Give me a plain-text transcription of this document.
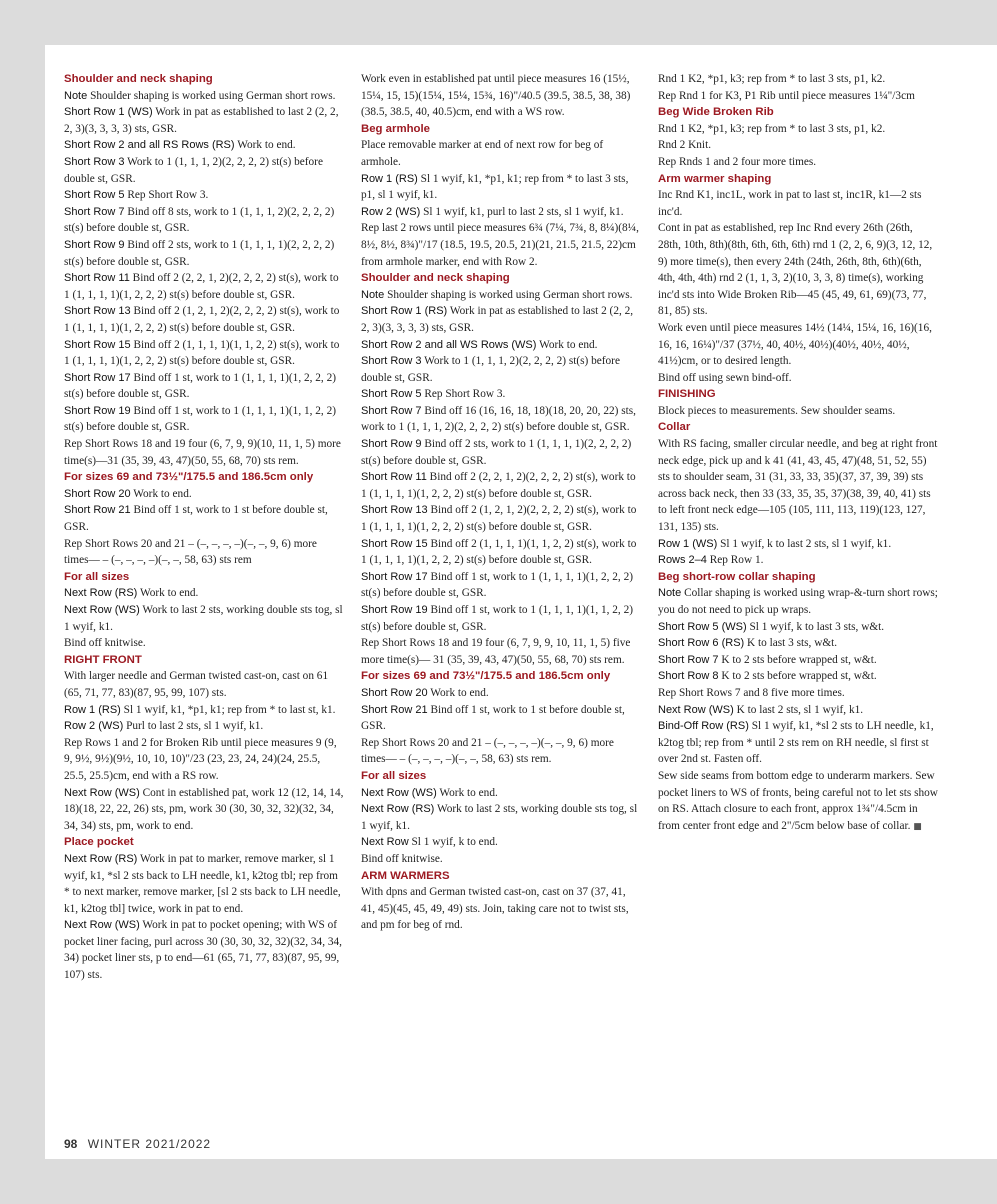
Shoulder and neck shaping
Note Shoulder shaping is worked using German short rows.
Short Row 1 (WS) Work in pat as established to last 2 (2, 2, 2, 3)(3, 3, 3, 3) sts, GSR.
Short Row 2 and all RS Rows (RS) Work to end.
Short Row 3 Work to 1 (1, 1, 1, 2)(2, 2, 2, 2) st(s) before double st, GSR.
Short Row 5 Rep Short Row 3.
Short Row 7 Bind off 8 sts, work to 1 (1, 1, 1, 2)(2, 2, 2, 2) st(s) before double st, GSR.
Short Row 9 Bind off 2 sts, work to 1 (1, 1, 1, 1)(2, 2, 2, 2) st(s) before double st, GSR.
Short Row 11 Bind off 2 (2, 2, 1, 2)(2, 2, 2, 2) st(s), work to 1 (1, 1, 1, 1)(1, 2, 2, 2) st(s) before double st, GSR.
Short Row 13 Bind off 2 (1, 2, 1, 2)(2, 2, 2, 2) st(s), work to 1 (1, 1, 1, 1)(1, 2, 2, 2) st(s) before double st, GSR.
Short Row 15 Bind off 2 (1, 1, 1, 1)(1, 1, 2, 2) st(s), work to 1 (1, 1, 1, 1)(1, 2, 2, 2) st(s) before double st, GSR.
Short Row 17 Bind off 1 st, work to 1 (1, 1, 1, 1)(1, 2, 2, 2) st(s) before double st, GSR.
Short Row 19 Bind off 1 st, work to 1 (1, 1, 1, 1)(1, 1, 2, 2) st(s) before double st, GSR.
Rep Short Rows 18 and 19 four (6, 7, 9, 9)(10, 11, 1, 5) more time(s)—31 (35, 39, 43, 47)(50, 55, 68, 70) sts rem.
For sizes 69 and 73½"/175.5 and 186.5cm only
Short Row 20 Work to end.
Short Row 21 Bind off 1 st, work to 1 st before double st, GSR.
Rep Short Rows 20 and 21 – (–, –, –, –)(–, –, 9, 6) more times— – (–, –, –, –)(–, –, 58, 63) sts rem
For all sizes
Next Row (RS) Work to end.
Next Row (WS) Work to last 2 sts, working double sts tog, sl 1 wyif, k1.
Bind off knitwise.
RIGHT FRONT
With larger needle and German twisted cast-on, cast on 61 (65, 71, 77, 83)(87, 95, 99, 107) sts.
Row 1 (RS) Sl 1 wyif, k1, *p1, k1; rep from * to last st, k1.
Row 2 (WS) Purl to last 2 sts, sl 1 wyif, k1.
Rep Rows 1 and 2 for Broken Rib until piece measures 9 (9, 9, 9½, 9½)(9½, 10, 10, 10)"/23 (23, 23, 24, 24)(24, 25.5, 25.5, 25.5)cm, end with a RS row.
Next Row (WS) Cont in established pat, work 12 (12, 14, 14, 18)(18, 22, 22, 26) sts, pm, work 30 (30, 30, 32, 32)(32, 34, 34, 34) sts, pm, work to end.
Place pocket
Next Row (RS) Work in pat to marker, remove marker, sl 1 wyif, k1, *sl 2 sts back to LH needle, k1, k2tog tbl; rep from * to next marker, remove marker, [sl 2 sts back to LH needle, k1, k2tog tbl] twice, work in pat to end.
Next Row (WS) Work in pat to pocket opening; with WS of pocket liner facing, purl across 30 (30, 30, 32, 32)(32, 34, 34, 34) pocket liner sts, p to end—61 (65, 71, 77, 83)(87, 95, 99, 107) sts.
Work even in established pat until piece measures 16 (15½, 15¼, 15, 15)(15¼, 15¼, 15¾, 16)"/40.5 (39.5, 38.5, 38, 38)(38.5, 38.5, 40, 40.5)cm, end with a WS row.
Beg armhole
Place removable marker at end of next row for beg of armhole.
Row 1 (RS) Sl 1 wyif, k1, *p1, k1; rep from * to last 3 sts, p1, sl 1 wyif, k1.
Row 2 (WS) Sl 1 wyif, k1, purl to last 2 sts, sl 1 wyif, k1.
Rep last 2 rows until piece measures 6¾ (7¼, 7¾, 8, 8¼)(8¼, 8½, 8½, 8¾)"/17 (18.5, 19.5, 20.5, 21)(21, 21.5, 21.5, 22)cm from armhole marker, end with Row 2.
Shoulder and neck shaping
Note Shoulder shaping is worked using German short rows.
Short Row 1 (RS) Work in pat as established to last 2 (2, 2, 2, 3)(3, 3, 3, 3) sts, GSR.
Short Row 2 and all WS Rows (WS) Work to end.
Short Row 3 Work to 1 (1, 1, 1, 2)(2, 2, 2, 2) st(s) before double st, GSR.
Short Row 5 Rep Short Row 3.
Short Row 7 Bind off 16 (16, 16, 18, 18)(18, 20, 20, 22) sts, work to 1 (1, 1, 1, 2)(2, 2, 2, 2) st(s) before double st, GSR.
Short Row 9 Bind off 2 sts, work to 1 (1, 1, 1, 1)(2, 2, 2, 2) st(s) before double st, GSR.
Short Row 11 Bind off 2 (2, 2, 1, 2)(2, 2, 2, 2) st(s), work to 1 (1, 1, 1, 1)(1, 2, 2, 2) st(s) before double st, GSR.
Short Row 13 Bind off 2 (1, 2, 1, 2)(2, 2, 2, 2) st(s), work to 1 (1, 1, 1, 1)(1, 2, 2, 2) st(s) before double st, GSR.
Short Row 15 Bind off 2 (1, 1, 1, 1)(1, 1, 2, 2) st(s), work to 1 (1, 1, 1, 1)(1, 2, 2, 2) st(s) before double st, GSR.
Short Row 17 Bind off 1 st, work to 1 (1, 1, 1, 1)(1, 2, 2, 2) st(s) before double st, GSR.
Short Row 19 Bind off 1 st, work to 1 (1, 1, 1, 1)(1, 1, 2, 2) st(s) before double st, GSR.
Rep Short Rows 18 and 19 four (6, 7, 9, 9, 10, 11, 1, 5) five more time(s)— 31 (35, 39, 43, 47)(50, 55, 68, 70) sts rem.
For sizes 69 and 73½"/175.5 and 186.5cm only
Short Row 20 Work to end.
Short Row 21 Bind off 1 st, work to 1 st before double st, GSR.
Rep Short Rows 20 and 21 – (–, –, –, –)(–, –, 9, 6) more times— – (–, –, –, –)(–, –, 58, 63) sts rem.
For all sizes
Next Row (WS) Work to end.
Next Row (RS) Work to last 2 sts, working double sts tog, sl 1 wyif, k1.
Next Row Sl 1 wyif, k to end.
Bind off knitwise.
ARM WARMERS
With dpns and German twisted cast-on, cast on 37 (37, 41, 41, 45)(45, 45, 49, 49) sts. Join, taking care not to twist sts, and pm for beg of rnd.
Rnd 1 K2, *p1, k3; rep from * to last 3 sts, p1, k2.
Rep Rnd 1 for K3, P1 Rib until piece measures 1¼"/3cm
Beg Wide Broken Rib
Rnd 1 K2, *p1, k3; rep from * to last 3 sts, p1, k2.
Rnd 2 Knit.
Rep Rnds 1 and 2 four more times.
Arm warmer shaping
Inc Rnd K1, inc1L, work in pat to last st, inc1R, k1—2 sts inc'd.
Cont in pat as established, rep Inc Rnd every 26th (26th, 28th, 10th, 8th)(8th, 6th, 6th, 6th) rnd 1 (2, 2, 6, 9)(3, 12, 12, 9) more time(s), then every 24th (24th, 26th, 8th, 6th)(6th, 4th, 4th, 4th) rnd 2 (1, 1, 3, 2)(10, 3, 3, 8) time(s), working inc'd sts into Wide Broken Rib—45 (45, 49, 61, 69)(73, 77, 81, 85) sts.
Work even until piece measures 14½ (14¼, 15¼, 16, 16)(16, 16, 16, 16¼)"/37 (37½, 40, 40½, 40½)(40½, 40½, 40½, 41½)cm, or to desired length.
Bind off using sewn bind-off.
FINISHING
Block pieces to measurements. Sew shoulder seams.
Collar
With RS facing, smaller circular needle, and beg at right front neck edge, pick up and k 41 (41, 43, 45, 47)(48, 51, 52, 55) sts to shoulder seam, 31 (31, 33, 33, 35)(37, 37, 39, 39) sts across back neck, then 33 (33, 35, 35, 37)(38, 39, 40, 41) sts to left front neck edge—105 (105, 111, 113, 119)(123, 127, 131, 135) sts.
Row 1 (WS) Sl 1 wyif, k to last 2 sts, sl 1 wyif, k1.
Rows 2–4 Rep Row 1.
Beg short-row collar shaping
Note Collar shaping is worked using wrap-&-turn short rows; you do not need to pick up wraps.
Short Row 5 (WS) Sl 1 wyif, k to last 3 sts, w&t.
Short Row 6 (RS) K to last 3 sts, w&t.
Short Row 7 K to 2 sts before wrapped st, w&t.
Short Row 8 K to 2 sts before wrapped st, w&t.
Rep Short Rows 7 and 8 five more times.
Next Row (WS) K to last 2 sts, sl 1 wyif, k1.
Bind-Off Row (RS) Sl 1 wyif, k1, *sl 2 sts to LH needle, k1, k2tog tbl; rep from * until 2 sts rem on RH needle, sl first st over 2nd st. Fasten off.
Sew side seams from bottom edge to underarm markers. Sew pocket liners to WS of fronts, being careful not to let sts show on RS. Attach closure to each front, approx 1¾"/4.5cm in from center front edge and 2"/5cm below base of collar. ■
98 WINTER 2021/2022
